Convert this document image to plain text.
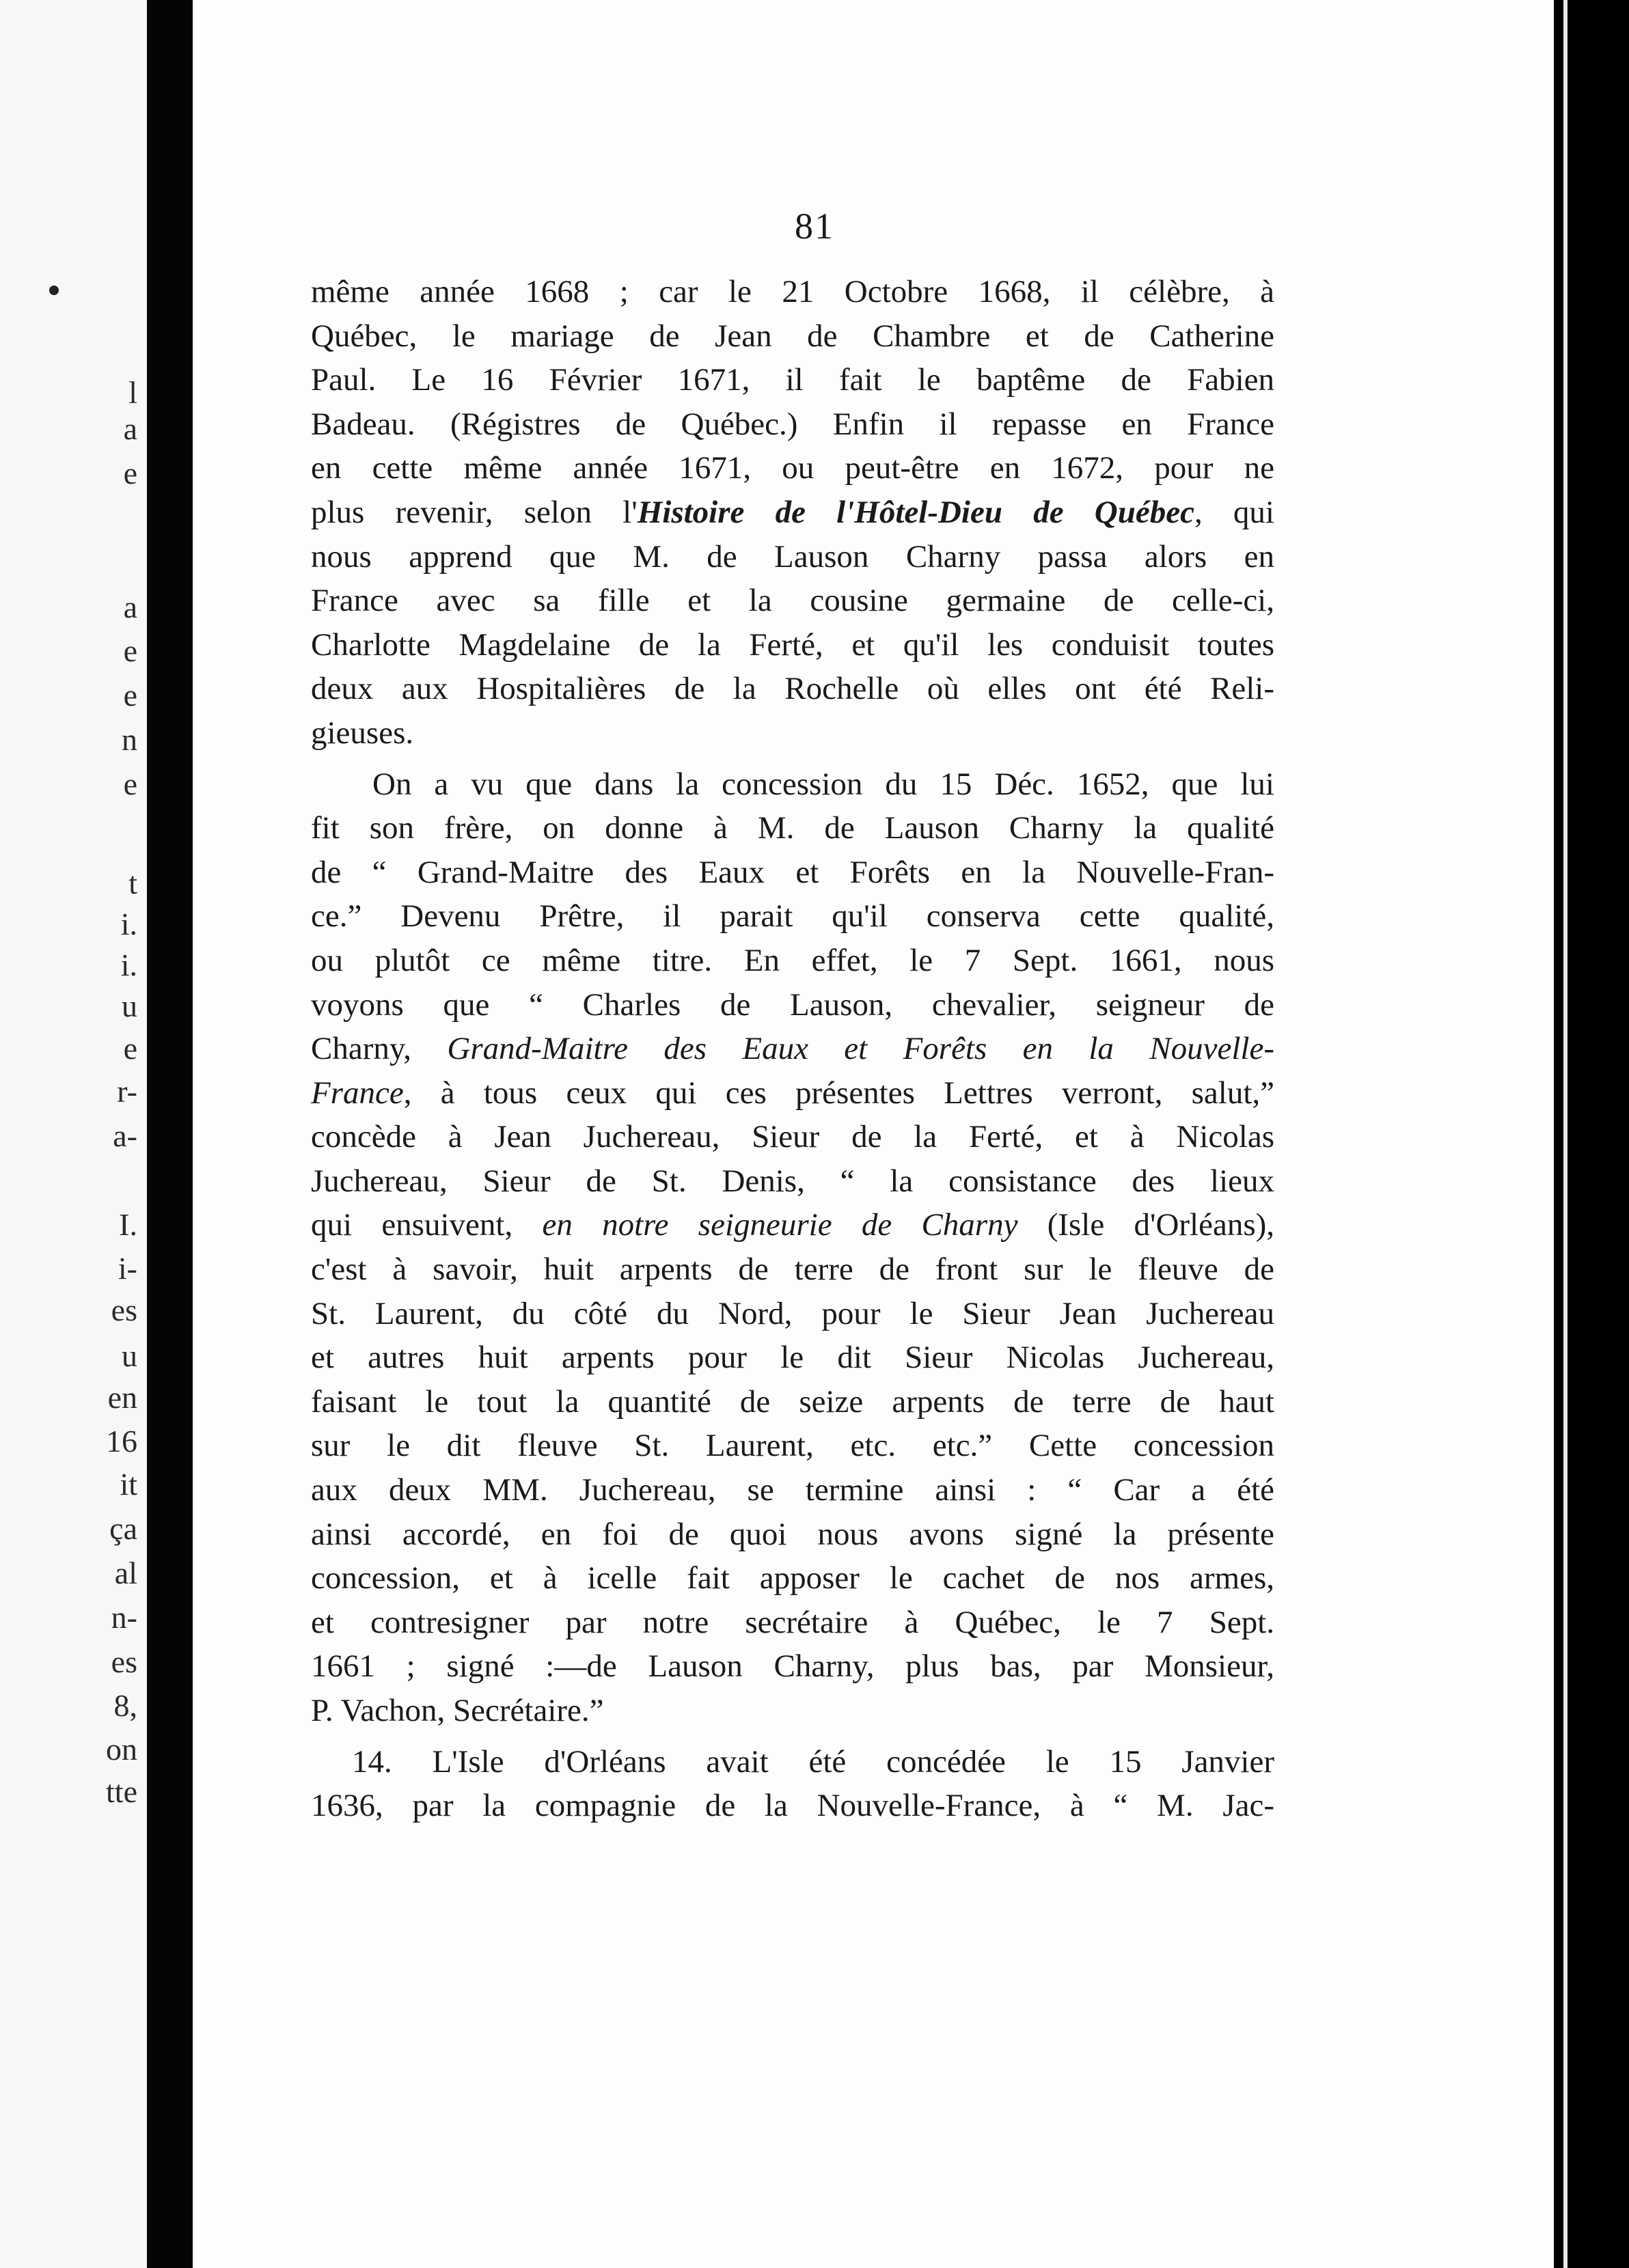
l
a
e
a
e
e
n
e
t
i.
i.
u
e
r-
a-
I.
i-
es
u
en
16
it
ça
al
n-
es
8,
on
tte
81

même année 1668 ; car le 21 Octobre 1668, il célèbre, à
Québec, le mariage de Jean de Chambre et de Catherine
Paul. Le 16 Février 1671, il fait le baptême de Fabien
Badeau. (Régistres de Québec.) Enfin il repasse en France
en cette même année 1671, ou peut-être en 1672, pour ne
plus revenir, selon l'Histoire de l'Hôtel-Dieu de Québec, qui
nous apprend que M. de Lauson Charny passa alors en
France avec sa fille et la cousine germaine de celle-ci,
Charlotte Magdelaine de la Ferté, et qu'il les conduisit toutes
deux aux Hospitalières de la Rochelle où elles ont été Reli-
gieuses.

On a vu que dans la concession du 15 Déc. 1652, que lui
fit son frère, on donne à M. de Lauson Charny la qualité
de “ Grand-Maitre des Eaux et Forêts en la Nouvelle-Fran-
ce.” Devenu Prêtre, il parait qu'il conserva cette qualité,
ou plutôt ce même titre. En effet, le 7 Sept. 1661, nous
voyons que “ Charles de Lauson, chevalier, seigneur de
Charny, Grand-Maitre des Eaux et Forêts en la Nouvelle-
France, à tous ceux qui ces présentes Lettres verront, salut,”
concède à Jean Juchereau, Sieur de la Ferté, et à Nicolas
Juchereau, Sieur de St. Denis, “ la consistance des lieux
qui ensuivent, en notre seigneurie de Charny (Isle d'Orléans),
c'est à savoir, huit arpents de terre de front sur le fleuve de
St. Laurent, du côté du Nord, pour le Sieur Jean Juchereau
et autres huit arpents pour le dit Sieur Nicolas Juchereau,
faisant le tout la quantité de seize arpents de terre de haut
sur le dit fleuve St. Laurent, etc. etc.” Cette concession
aux deux MM. Juchereau, se termine ainsi : “ Car a été
ainsi accordé, en foi de quoi nous avons signé la présente
concession, et à icelle fait apposer le cachet de nos armes,
et contresigner par notre secrétaire à Québec, le 7 Sept.
1661 ; signé :—de Lauson Charny, plus bas, par Monsieur,
P. Vachon, Secrétaire.”

14. L'Isle d'Orléans avait été concédée le 15 Janvier
1636, par la compagnie de la Nouvelle-France, à “ M. Jac-
